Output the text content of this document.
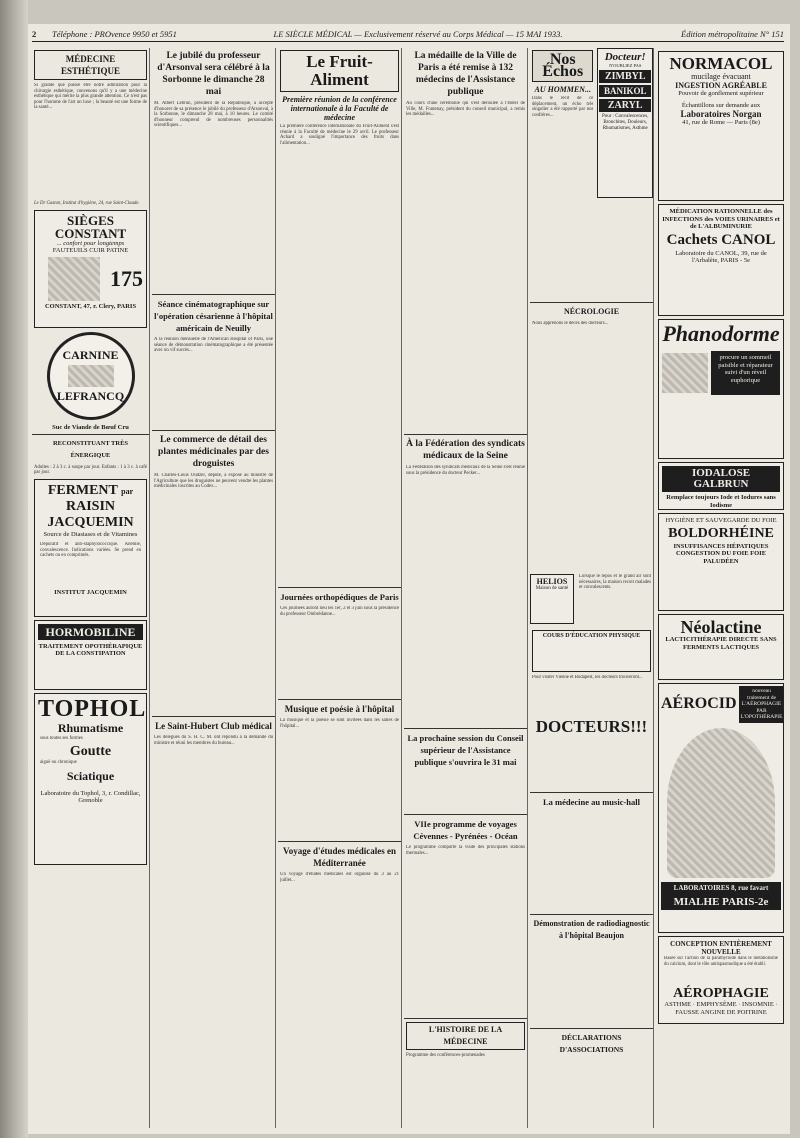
2	Téléphone : PROvence 9950 et 5951	LE SIÈCLE MÉDICAL — Exclusivement réservé au Corps Médical — 15 MAI 1933.	Édition métropolitaine N° 151
MÉDECINE ESTHÉTIQUE
Si grande que puisse être notre admiration pour la chirurgie esthétique, convenons qu'il y a une médecine esthétique qui mérite la plus grande attention. Ce n'est pas pour l'homme de l'art un luxe ; la beauté est une forme de la santé...
Le Dr Gaston, Institut d'hygiène, 24, rue Saint-Claude.
SIÈGES CONSTANT
... confort pour longtemps
FAUTEUILS CUIR PATINE
175
CONSTANT, 47, r. Clery, PARIS
CARNINE
LEFRANCQ
Suc de Viande de Bœuf Cru
RECONSTITUANT TRÈS ÉNERGIQUE
Adultes : 2 à 3 c. à soupe par jour. Enfants : 1 à 3 c. à café par jour.
FERMENT par RAISIN
JACQUEMIN
Source de Diastases et de Vitamines
Dépuratif et anti-staphylococcique. Anémie, convalescence. Indications variées. Se prend en cachets ou en comprimés.
INSTITUT JACQUEMIN
HORMOBILINE
TRAITEMENT OPOTHÉRAPIQUE DE LA CONSTIPATION
TOPHOL
Rhumatisme
sous toutes ses formes
Goutte
aiguë ou chronique
Sciatique
Laboratoire du Tophol, 3, r. Condillac, Grenoble
Le jubilé du professeur d'Arsonval sera célébré à la Sorbonne le dimanche 28 mai
M. Albert Lebrun, président de la République, a accepté d'honorer de sa présence le jubilé du professeur d'Arsonval, à la Sorbonne, le dimanche 28 mai, à 10 heures. Le comité d'honneur comprend de nombreuses personnalités scientifiques...
Séance cinématographique sur l'opération césarienne à l'hôpital américain de Neuilly
À la réunion mensuelle de l'American Hospital of Paris, une séance de démonstration cinématographique a été présentée avec un vif succès...
Le commerce de détail des plantes médicinales par des droguistes
M. Charles-Louis Oudzel, député, a exposé au ministre de l'Agriculture que les droguistes ne peuvent vendre les plantes médicinales inscrites au Codex...
Le Saint-Hubert Club médical
Les délégués du S. H. C. M. ont répondu à la demande du ministre et réuni les membres du bureau...
Le Fruit-Aliment
Première réunion de la conférence internationale à la Faculté de médecine
La première conférence internationale du Fruit-Aliment s'est réunie à la Faculté de médecine le 29 avril. Le professeur Achard a souligné l'importance des fruits dans l'alimentation...
Journées orthopédiques de Paris
Ces journées auront lieu les 1er, 2 et 3 juin sous la présidence du professeur Ombrédanne...
Musique et poésie à l'hôpital
La musique et la poésie se sont invitées dans les salles de l'hôpital...
Voyage d'études médicales en Méditerranée
Un voyage d'études médicales est organisé du 3 au 21 juillet...
La médaille de la Ville de Paris a été remise à 132 médecins de l'Assistance publique
Au cours d'une cérémonie qui s'est déroulée à l'Hôtel de Ville, M. Fontenay, président du conseil municipal, a remis les médailles...
À la Fédération des syndicats médicaux de la Seine
La Fédération des syndicats médicaux de la Seine s'est réunie sous la présidence du docteur Pecker...
La prochaine session du Conseil supérieur de l'Assistance publique s'ouvrira le 31 mai
VIIe programme de voyages Cévennes - Pyrénées - Océan
Le programme comporte la visite des principales stations thermales...
L'HISTOIRE DE LA MÉDECINE
Programme des conférences-promenades
Nos Échos
AU HOMMEN...
Dans le récit de ce déplacement, un écho très singulier a été rapporté par nos confrères...
Docteur!
N'OUBLIEZ PAS
ZIMBYL
BANIKOL
ZARYL
Pour : Convalescences, Bronchites, Douleurs, Rhumatismes, Asthme
NÉCROLOGIE
Nous apprenons le décès des docteurs...
HELIOS
Maison de santé
Lorsque le repos et le grand air sont nécessaires, la maison recoit malades et convalescents.
COURS D'ÉDUCATION PHYSIQUE
Pour visiter Vienne et Budapest, les docteurs trouveront...
DOCTEURS!!!
La médecine au music-hall
Démonstration de radiodiagnostic à l'hôpital Beaujon
DÉCLARATIONS D'ASSOCIATIONS
NORMACOL
mucilage évacuant
INGESTION AGRÉABLE
Pouvoir de gonflement supérieur
Échantillons sur demande aux
Laboratoires Norgan
41, rue de Rome — Paris (8e)
MÉDICATION RATIONNELLE des INFECTIONS des VOIES URINAIRES et de L'ALBUMINURIE
Cachets CANOL
Laboratoire du CANOL, 39, rue de l'Arbalète, PARIS - 5e
Phanodorme
procure un sommeil paisible et réparateur suivi d'un réveil euphorique
IODALOSE GALBRUN
Remplace toujours Iode et Iodures sans Iodisme
HYGIÈNE ET SAUVEGARDE DU FOIE
BOLDORHÉINE
INSUFFISANCES HÉPATIQUES CONGESTION DU FOIE FOIE PALUDÉEN
Néolactine
LACTICITHÉRAPIE DIRECTE SANS FERMENTS LACTIQUES
AÉROCID
nouveau traitement de L'AÉROPHAGIE PAR L'OPOTHÉRAPIE
LABORATOIRES 8, rue favart
MIALHE PARIS-2e
CONCEPTION ENTIÈREMENT NOUVELLE
Basée sur l'action de la parathyroïde dans le métabolisme du calcium, dont le rôle antispasmodique a été établi.
AÉROPHAGIE
ASTHME · EMPHYSÈME · INSOMNIE · FAUSSE ANGINE DE POITRINE
